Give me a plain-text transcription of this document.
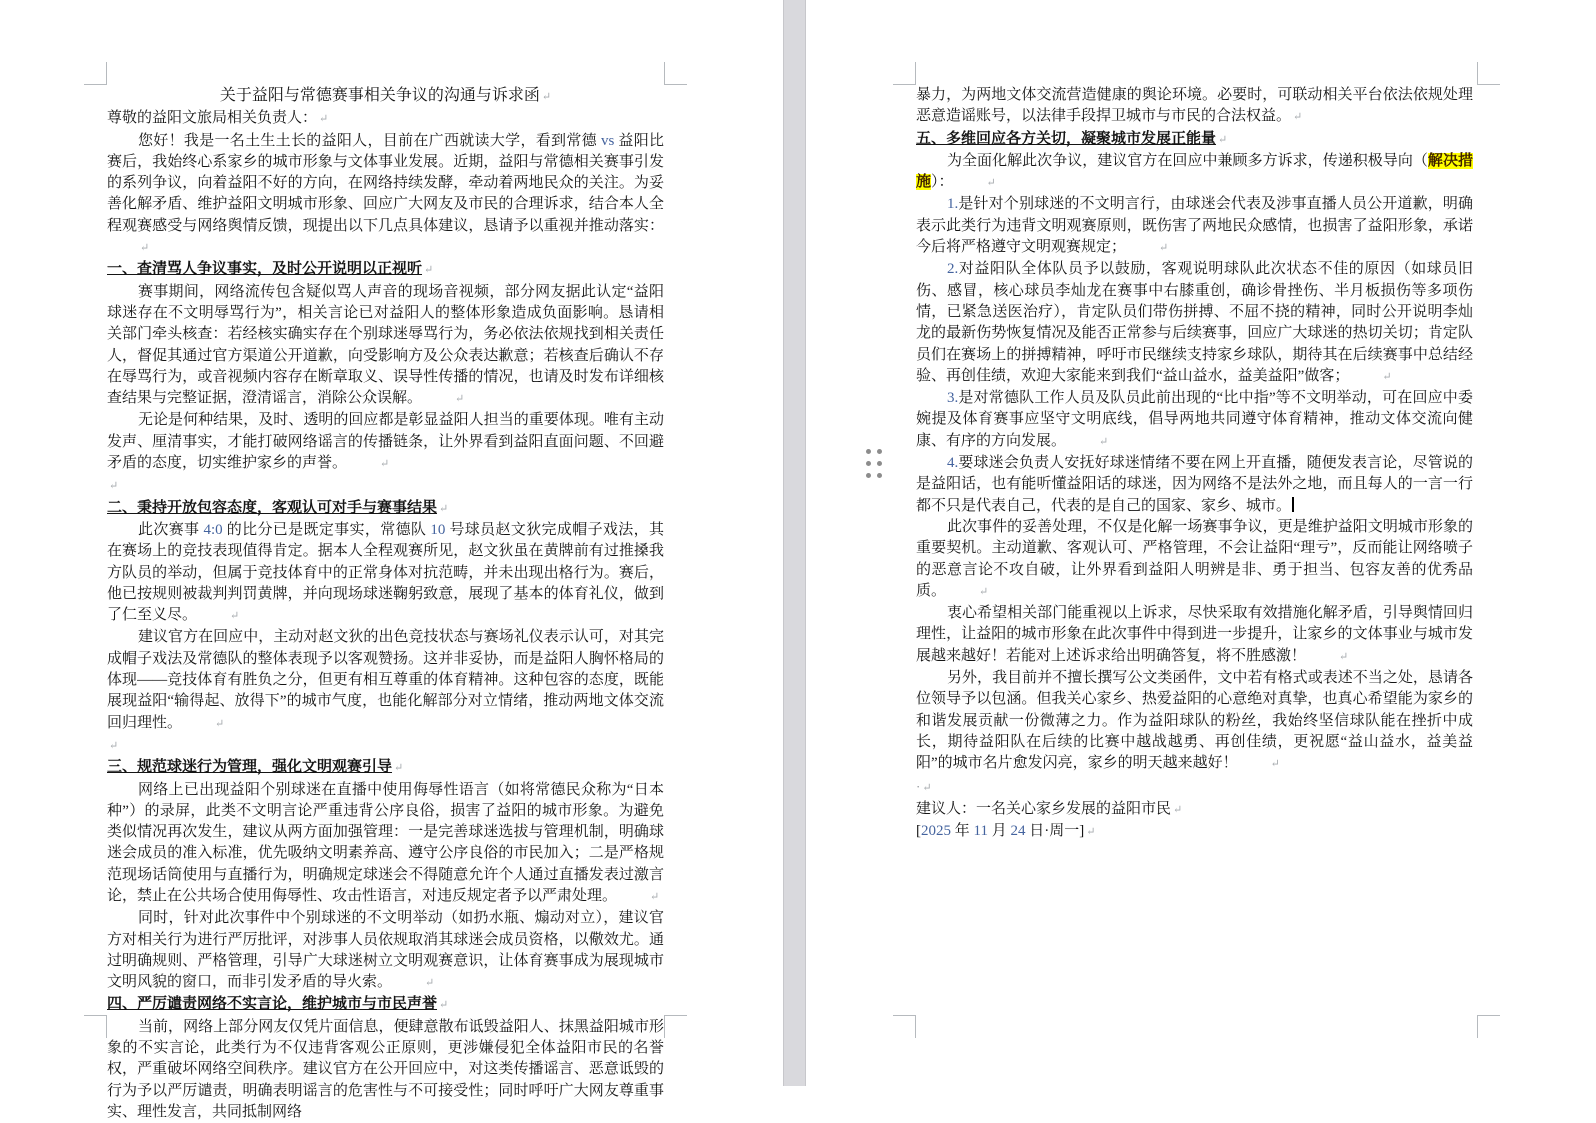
关于益阳与常德赛事相关争议的沟通与诉求函 ↵
尊敬的益阳文旅局相关负责人： ↵
您好！我是一名土生土长的益阳人，目前在广西就读大学，看到常德 vs 益阳比赛后，我始终心系家乡的城市形象与文体事业发展。近期，益阳与常德相关赛事引发的系列争议，向着益阳不好的方向，在网络持续发酵，牵动着两地民众的关注。为妥善化解矛盾、维护益阳文明城市形象、回应广大网友及市民的合理诉求，结合本人全程观赛感受与网络舆情反馈，现提出以下几点具体建议，恳请予以重视并推动落实：↵
一、查清骂人争议事实，及时公开说明以正视听 ↵
赛事期间，网络流传包含疑似骂人声音的现场音视频，部分网友据此认定“益阳球迷存在不文明辱骂行为”，相关言论已对益阳人的整体形象造成负面影响。恳请相关部门牵头核查：若经核实确实存在个别球迷辱骂行为，务必依法依规找到相关责任人，督促其通过官方渠道公开道歉，向受影响方及公众表达歉意；若核查后确认不存在辱骂行为，或音视频内容存在断章取义、误导性传播的情况，也请及时发布详细核查结果与完整证据，澄清谣言，消除公众误解。	↵
无论是何种结果，及时、透明的回应都是彰显益阳人担当的重要体现。唯有主动发声、厘清事实，才能打破网络谣言的传播链条，让外界看到益阳直面问题、不回避矛盾的态度，切实维护家乡的声誉。	↵
↵
二、秉持开放包容态度，客观认可对手与赛事结果 ↵
此次赛事 4:0 的比分已是既定事实，常德队 10 号球员赵文狄完成帽子戏法，其在赛场上的竞技表现值得肯定。据本人全程观赛所见，赵文狄虽在黄牌前有过推搡我方队员的举动，但属于竞技体育中的正常身体对抗范畴，并未出现出格行为。赛后，他已按规则被裁判判罚黄牌，并向现场球迷鞠躬致意，展现了基本的体育礼仪，做到了仁至义尽。	↵
建议官方在回应中，主动对赵文狄的出色竞技状态与赛场礼仪表示认可，对其完成帽子戏法及常德队的整体表现予以客观赞扬。这并非妥协，而是益阳人胸怀格局的体现——竞技体育有胜负之分，但更有相互尊重的体育精神。这种包容的态度，既能展现益阳“输得起、放得下”的城市气度，也能化解部分对立情绪，推动两地文体交流回归理性。	↵
↵
三、规范球迷行为管理，强化文明观赛引导 ↵
网络上已出现益阳个别球迷在直播中使用侮辱性语言（如将常德民众称为“日本种”）的录屏，此类不文明言论严重违背公序良俗，损害了益阳的城市形象。为避免类似情况再次发生，建议从两方面加强管理：一是完善球迷选拔与管理机制，明确球迷会成员的准入标准，优先吸纳文明素养高、遵守公序良俗的市民加入；二是严格规范现场话筒使用与直播行为，明确规定球迷会不得随意允许个人通过直播发表过激言论，禁止在公共场合使用侮辱性、攻击性语言，对违反规定者予以严肃处理。	↵
同时，针对此次事件中个别球迷的不文明举动（如扔水瓶、煽动对立），建议官方对相关行为进行严厉批评，对涉事人员依规取消其球迷会成员资格，以儆效尤。通过明确规则、严格管理，引导广大球迷树立文明观赛意识，让体育赛事成为展现城市文明风貌的窗口，而非引发矛盾的导火索。	↵
四、严厉谴责网络不实言论，维护城市与市民声誉 ↵
当前，网络上部分网友仅凭片面信息，便肆意散布诋毁益阳人、抹黑益阳城市形象的不实言论，此类行为不仅违背客观公正原则，更涉嫌侵犯全体益阳市民的名誉权，严重破坏网络空间秩序。建议官方在公开回应中，对这类传播谣言、恶意诋毁的行为予以严厉谴责，明确表明谣言的危害性与不可接受性；同时呼吁广大网友尊重事实、理性发言，共同抵制网络
暴力，为两地文体交流营造健康的舆论环境。必要时，可联动相关平台依法依规处理恶意造谣账号，以法律手段捍卫城市与市民的合法权益。 ↵
五、多维回应各方关切，凝聚城市发展正能量 ↵
为全面化解此次争议，建议官方在回应中兼顾多方诉求，传递积极导向（解决措施）：	↵
1.是针对个别球迷的不文明言行，由球迷会代表及涉事直播人员公开道歉，明确表示此类行为违背文明观赛原则，既伤害了两地民众感情，也损害了益阳形象，承诺今后将严格遵守文明观赛规定；	↵
2.对益阳队全体队员予以鼓励，客观说明球队此次状态不佳的原因（如球员旧伤、感冒，核心球员李灿龙在赛事中右膝重创，确诊骨挫伤、半月板损伤等多项伤情，已紧急送医治疗），肯定队员们带伤拼搏、不屈不挠的精神，同时公开说明李灿龙的最新伤势恢复情况及能否正常参与后续赛事，回应广大球迷的热切关切；肯定队员们在赛场上的拼搏精神，呼吁市民继续支持家乡球队，期待其在后续赛事中总结经验、再创佳绩，欢迎大家能来到我们“益山益水，益美益阳”做客；	↵
3.是对常德队工作人员及队员此前出现的“比中指”等不文明举动，可在回应中委婉提及体育赛事应坚守文明底线，倡导两地共同遵守体育精神，推动文体交流向健康、有序的方向发展。	↵
4.要球迷会负责人安抚好球迷情绪不要在网上开直播，随便发表言论，尽管说的是益阳话，也有能听懂益阳话的球迷，因为网络不是法外之地，而且每人的一言一行都不只是代表自己，代表的是自己的国家、家乡、城市。
此次事件的妥善处理，不仅是化解一场赛事争议，更是维护益阳文明城市形象的重要契机。主动道歉、客观认可、严格管理，不会让益阳“理亏”，反而能让网络喷子的恶意言论不攻自破，让外界看到益阳人明辨是非、勇于担当、包容友善的优秀品质。	↵
衷心希望相关部门能重视以上诉求，尽快采取有效措施化解矛盾，引导舆情回归理性，让益阳的城市形象在此次事件中得到进一步提升，让家乡的文体事业与城市发展越来越好！若能对上述诉求给出明确答复，将不胜感激！	↵
另外，我目前并不擅长撰写公文类函件，文中若有格式或表述不当之处，恳请各位领导予以包涵。但我关心家乡、热爱益阳的心意绝对真挚，也真心希望能为家乡的和谐发展贡献一份微薄之力。作为益阳球队的粉丝，我始终坚信球队能在挫折中成长，期待益阳队在后续的比赛中越战越勇、再创佳绩，更祝愿“益山益水，益美益阳”的城市名片愈发闪亮，家乡的明天越来越好！	↵
· ↵
建议人：一名关心家乡发展的益阳市民 ↵
[2025 年 11 月 24 日·周一] ↵
